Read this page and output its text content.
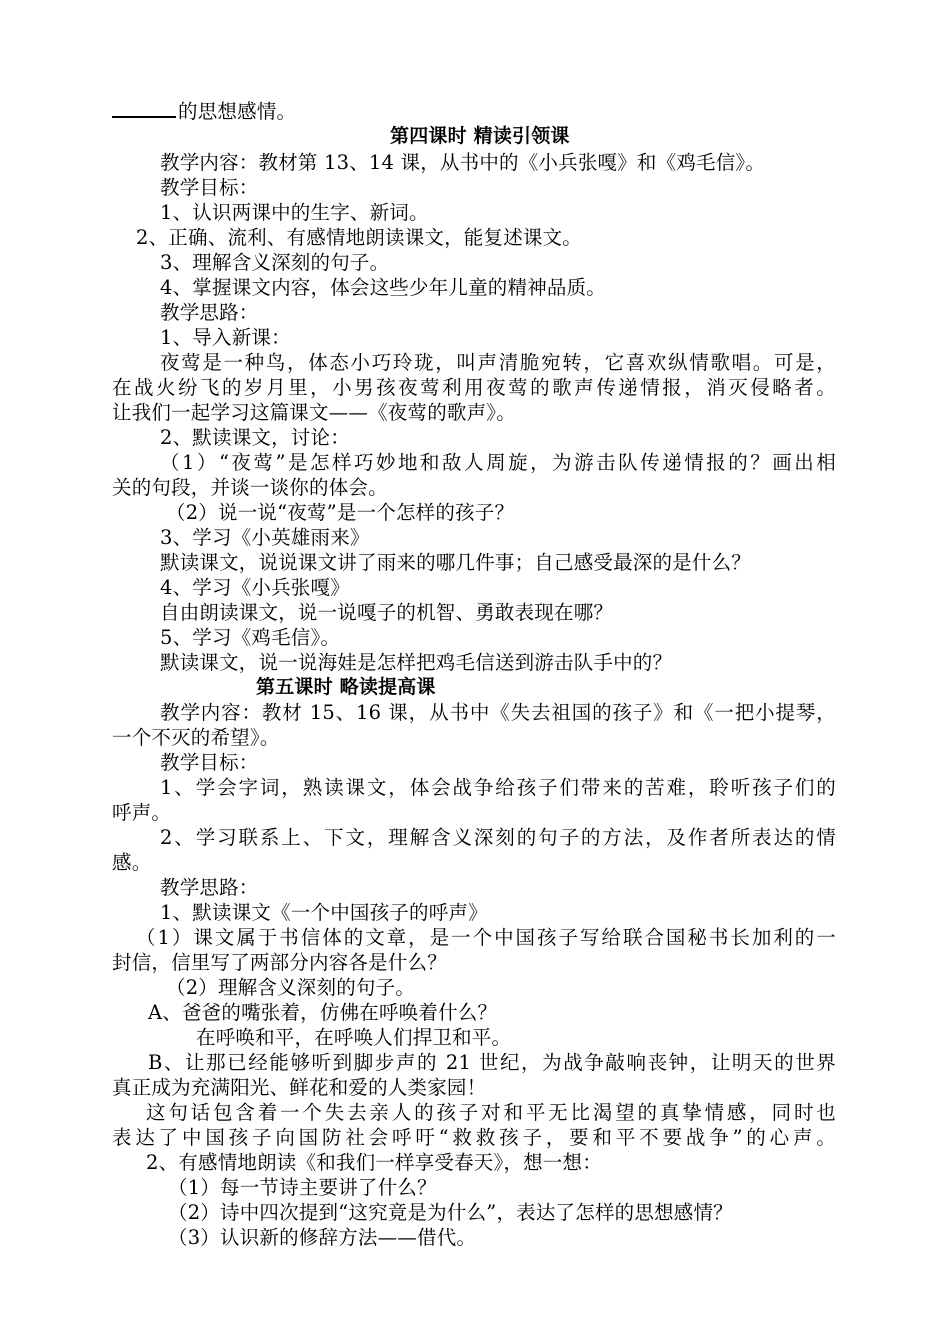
的思想感情。
第四课时 精读引领课
教学内容：教材第 13、14 课，从书中的《小兵张嘎》和《鸡毛信》。
教学目标：
1、认识两课中的生字、新词。
2、正确、流利、有感情地朗读课文，能复述课文。
3、理解含义深刻的句子。
4、掌握课文内容，体会这些少年儿童的精神品质。
教学思路：
1、导入新课：
夜莺是一种鸟，体态小巧玲珑，叫声清脆宛转，它喜欢纵情歌唱。可是，
在战火纷飞的岁月里，小男孩夜莺利用夜莺的歌声传递情报，消灭侵略者。
让我们一起学习这篇课文——《夜莺的歌声》。
2、默读课文，讨论：
（1）“夜莺”是怎样巧妙地和敌人周旋，为游击队传递情报的？画出相
关的句段，并谈一谈你的体会。
（2）说一说“夜莺”是一个怎样的孩子？
3、学习《小英雄雨来》
默读课文，说说课文讲了雨来的哪几件事；自己感受最深的是什么？
4、学习《小兵张嘎》
自由朗读课文，说一说嘎子的机智、勇敢表现在哪？
5、学习《鸡毛信》。
默读课文，说一说海娃是怎样把鸡毛信送到游击队手中的？
第五课时 略读提高课
教学内容：教材 15、16 课，从书中《失去祖国的孩子》和《一把小提琴，
一个不灭的希望》。
教学目标：
1、学会字词，熟读课文，体会战争给孩子们带来的苦难，聆听孩子们的
呼声。
2、学习联系上、下文，理解含义深刻的句子的方法，及作者所表达的情
感。
教学思路：
1、默读课文《一个中国孩子的呼声》
（1）课文属于书信体的文章，是一个中国孩子写给联合国秘书长加利的一
封信，信里写了两部分内容各是什么？
（2）理解含义深刻的句子。
A、爸爸的嘴张着，仿佛在呼唤着什么？
在呼唤和平，在呼唤人们捍卫和平。
B、让那已经能够听到脚步声的 21 世纪，为战争敲响丧钟，让明天的世界
真正成为充满阳光、鲜花和爱的人类家园！
这句话包含着一个失去亲人的孩子对和平无比渴望的真挚情感，同时也
表达了中国孩子向国防社会呼吁“救救孩子，要和平不要战争”的心声。
2、有感情地朗读《和我们一样享受春天》，想一想：
（1）每一节诗主要讲了什么？
（2）诗中四次提到“这究竟是为什么”，表达了怎样的思想感情？
（3）认识新的修辞方法——借代。
